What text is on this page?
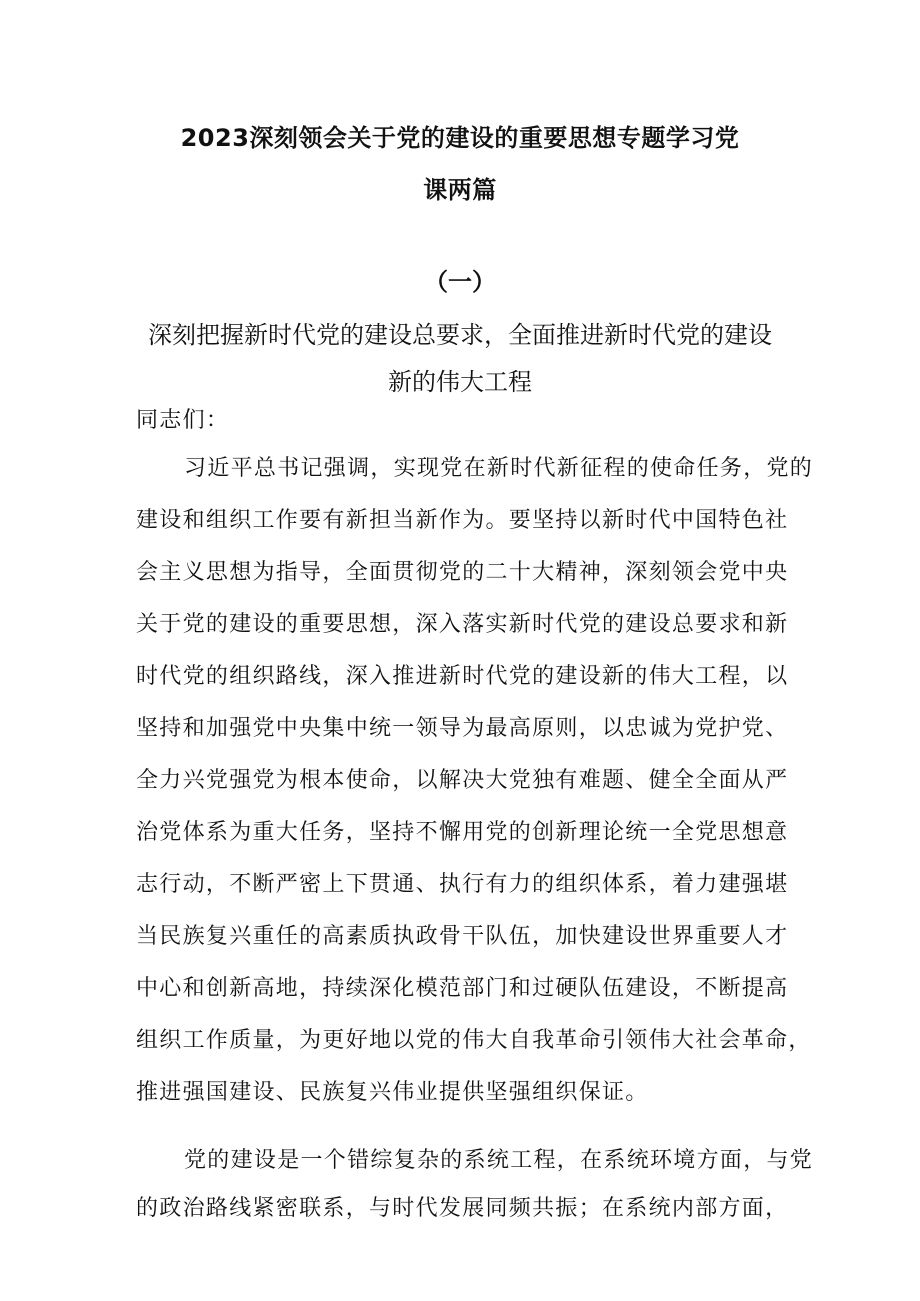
2023深刻领会关于党的建设的重要思想专题学习党
课两篇
（一）
深刻把握新时代党的建设总要求，全面推进新时代党的建设
新的伟大工程
同志们：
习近平总书记强调，实现党在新时代新征程的使命任务，党的
建设和组织工作要有新担当新作为。要坚持以新时代中国特色社
会主义思想为指导，全面贯彻党的二十大精神，深刻领会党中央
关于党的建设的重要思想，深入落实新时代党的建设总要求和新
时代党的组织路线，深入推进新时代党的建设新的伟大工程，以
坚持和加强党中央集中统一领导为最高原则，以忠诚为党护党、
全力兴党强党为根本使命，以解决大党独有难题、健全全面从严
治党体系为重大任务，坚持不懈用党的创新理论统一全党思想意
志行动，不断严密上下贯通、执行有力的组织体系，着力建强堪
当民族复兴重任的高素质执政骨干队伍，加快建设世界重要人才
中心和创新高地，持续深化模范部门和过硬队伍建设，不断提高
组织工作质量，为更好地以党的伟大自我革命引领伟大社会革命，
推进强国建设、民族复兴伟业提供坚强组织保证。
党的建设是一个错综复杂的系统工程，在系统环境方面，与党
的政治路线紧密联系，与时代发展同频共振；在系统内部方面，
